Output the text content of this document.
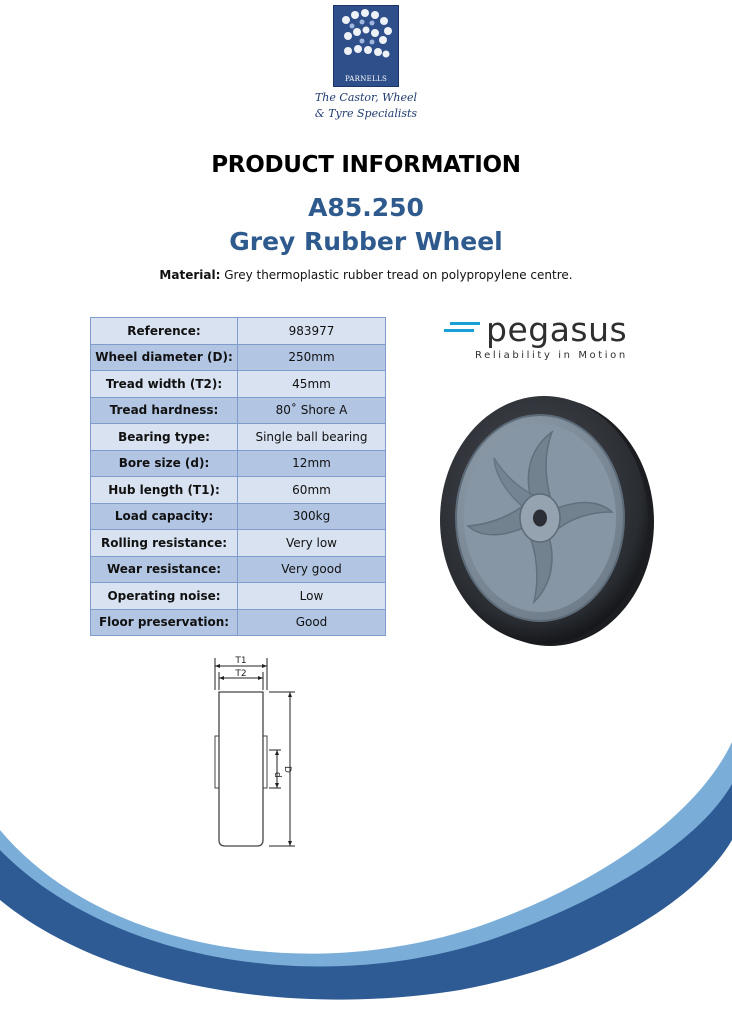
PARNELLS
The Castor, Wheel
& Tyre Specialists
PRODUCT INFORMATION
A85.250
Grey Rubber Wheel
Material: Grey thermoplastic rubber tread on polypropylene centre.
Reference:	983977
Wheel diameter (D):	250mm
Tread width (T2):	45mm
Tread hardness:	80˚ Shore A
Bearing type:	Single ball bearing
Bore size (d):	12mm
Hub length (T1):	60mm
Load capacity:	300kg
Rolling resistance:	Very low
Wear resistance:	Very good
Operating noise:	Low
Floor preservation:	Good
pegasus
Reliability in Motion
T1
T2
d
D
